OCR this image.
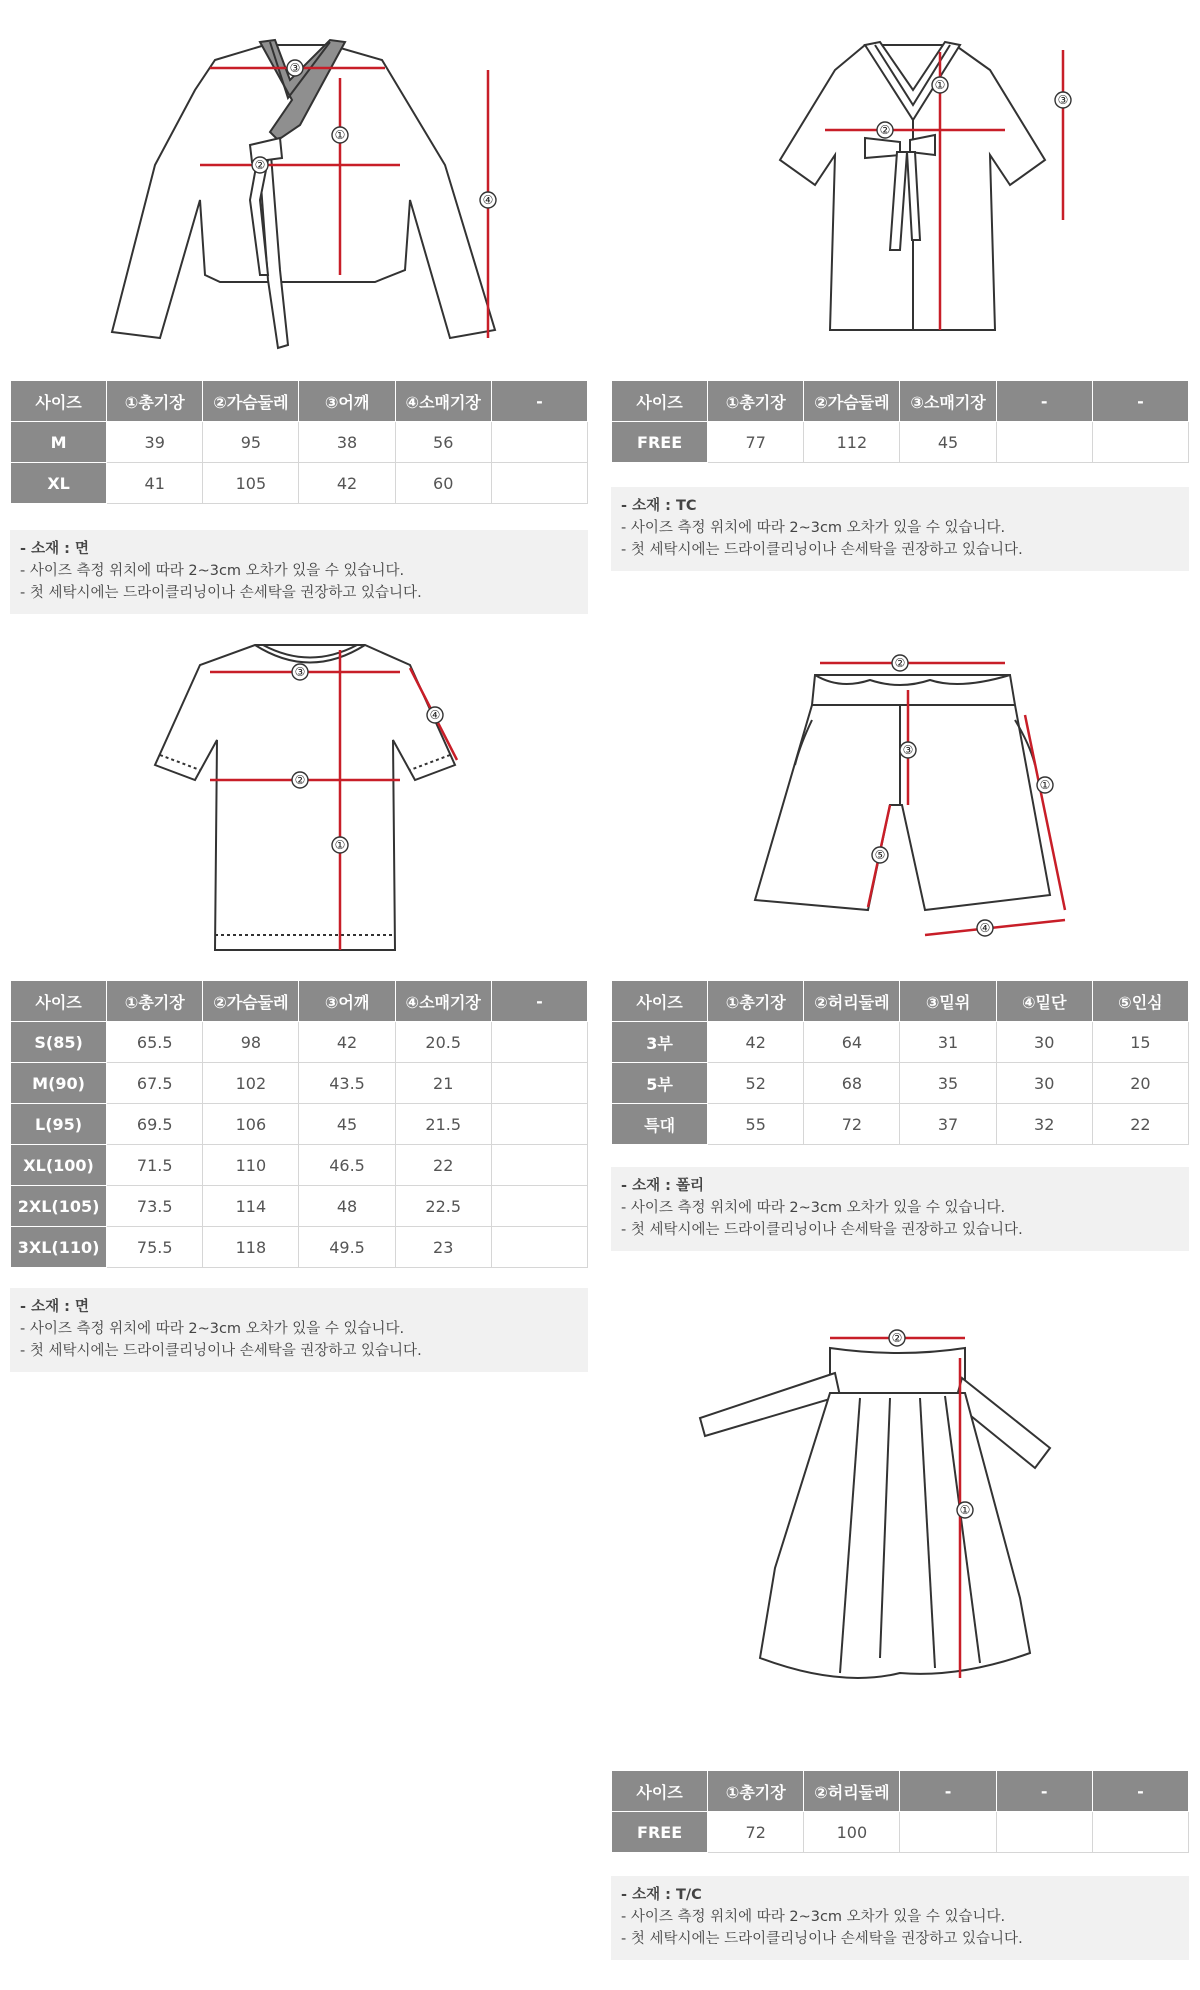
③
②
①
④
사이즈	①총기장	②가슴둘레	③어깨	④소매기장	-
M	39	95	38	56	
XL	41	105	42	60	
- 소재 : 면
- 사이즈 측정 위치에 따라 2~3cm 오차가 있을 수 있습니다.
- 첫 세탁시에는 드라이클리닝이나 손세탁을 권장하고 있습니다.
①
②
③
사이즈	①총기장	②가슴둘레	③소매기장	-	-
FREE	77	112	45		
- 소재 : TC
- 사이즈 측정 위치에 따라 2~3cm 오차가 있을 수 있습니다.
- 첫 세탁시에는 드라이클리닝이나 손세탁을 권장하고 있습니다.
③
②
①
④
사이즈	①총기장	②가슴둘레	③어깨	④소매기장	-
S(85)	65.5	98	42	20.5	
M(90)	67.5	102	43.5	21	
L(95)	69.5	106	45	21.5	
XL(100)	71.5	110	46.5	22	
2XL(105)	73.5	114	48	22.5	
3XL(110)	75.5	118	49.5	23	
- 소재 : 면
- 사이즈 측정 위치에 따라 2~3cm 오차가 있을 수 있습니다.
- 첫 세탁시에는 드라이클리닝이나 손세탁을 권장하고 있습니다.
②
③
⑤
①
④
사이즈	①총기장	②허리둘레	③밑위	④밑단	⑤인심
3부	42	64	31	30	15
5부	52	68	35	30	20
특대	55	72	37	32	22
- 소재 : 폴리
- 사이즈 측정 위치에 따라 2~3cm 오차가 있을 수 있습니다.
- 첫 세탁시에는 드라이클리닝이나 손세탁을 권장하고 있습니다.
②
①
사이즈	①총기장	②허리둘레	-	-	-
FREE	72	100			
- 소재 : T/C
- 사이즈 측정 위치에 따라 2~3cm 오차가 있을 수 있습니다.
- 첫 세탁시에는 드라이클리닝이나 손세탁을 권장하고 있습니다.
